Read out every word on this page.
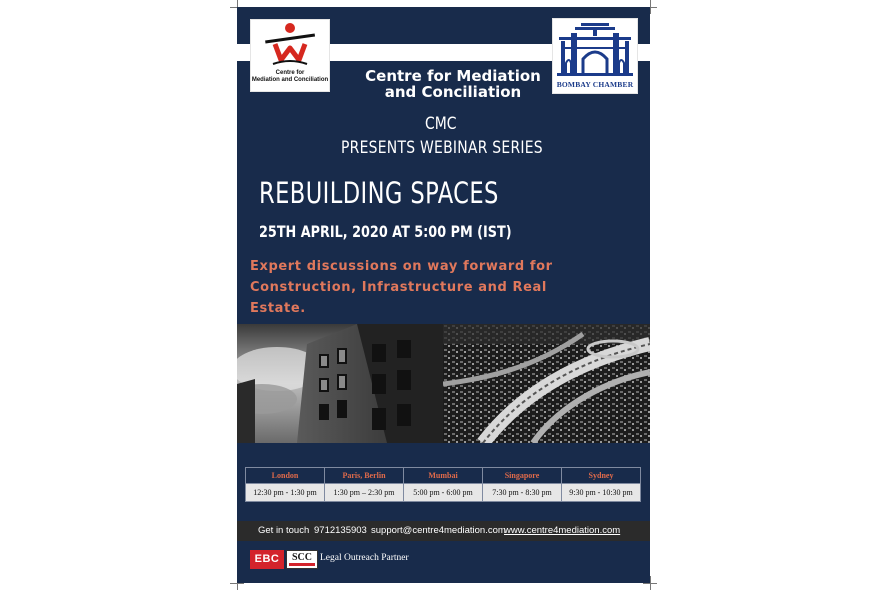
Centre for
Mediation and Conciliation	BOMBAY CHAMBER
Centre for Mediation
and Conciliation
CMC
PRESENTS WEBINAR SERIES
REBUILDING SPACES
25TH APRIL, 2020 AT 5:00 PM (IST)
Expert discussions on way forward for
Construction, Infrastructure and Real
Estate.
London	Paris, Berlin	Mumbai	Singapore	Sydney
12:30 pm - 1:30 pm	1:30 pm – 2:30 pm	5:00 pm - 6:00 pm	7:30 pm - 8:30 pm	9:30 pm - 10:30 pm
Get in touch 9712135903 support@centre4mediation.com
www.centre4mediation.com
EBC	SCC Legal Outreach Partner
